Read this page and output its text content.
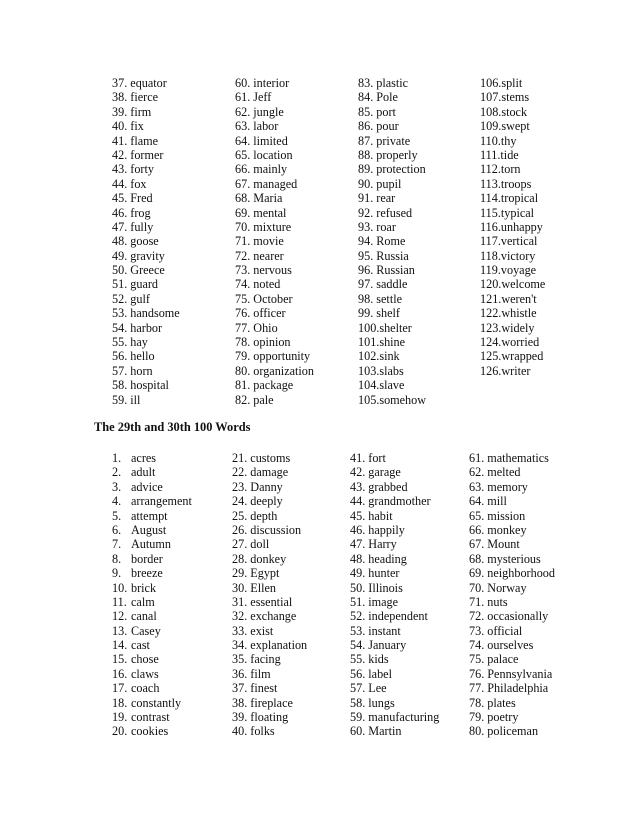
37. equator
38. fierce
39. firm
40. fix
41. flame
42. former
43. forty
44. fox
45. Fred
46. frog
47. fully
48. goose
49. gravity
50. Greece
51. guard
52. gulf
53. handsome
54. harbor
55. hay
56. hello
57. horn
58. hospital
59. ill
60. interior
61. Jeff
62. jungle
63. labor
64. limited
65. location
66. mainly
67. managed
68. Maria
69. mental
70. mixture
71. movie
72. nearer
73. nervous
74. noted
75. October
76. officer
77. Ohio
78. opinion
79. opportunity
80. organization
81. package
82. pale
83. plastic
84. Pole
85. port
86. pour
87. private
88. properly
89. protection
90. pupil
91. rear
92. refused
93. roar
94. Rome
95. Russia
96. Russian
97. saddle
98. settle
99. shelf
100.shelter
101.shine
102.sink
103.slabs
104.slave
105.somehow
106.split
107.stems
108.stock
109.swept
110.thy
111.tide
112.torn
113.troops
114.tropical
115.typical
116.unhappy
117.vertical
118.victory
119.voyage
120.welcome
121.weren't
122.whistle
123.widely
124.worried
125.wrapped
126.writer
The 29th and 30th 100 Words
1. acres
2. adult
3. advice
4. arrangement
5. attempt
6. August
7. Autumn
8. border
9. breeze
10. brick
11. calm
12. canal
13. Casey
14. cast
15. chose
16. claws
17. coach
18. constantly
19. contrast
20. cookies
21. customs
22. damage
23. Danny
24. deeply
25. depth
26. discussion
27. doll
28. donkey
29. Egypt
30. Ellen
31. essential
32. exchange
33. exist
34. explanation
35. facing
36. film
37. finest
38. fireplace
39. floating
40. folks
41. fort
42. garage
43. grabbed
44. grandmother
45. habit
46. happily
47. Harry
48. heading
49. hunter
50. Illinois
51. image
52. independent
53. instant
54. January
55. kids
56. label
57. Lee
58. lungs
59. manufacturing
60. Martin
61. mathematics
62. melted
63. memory
64. mill
65. mission
66. monkey
67. Mount
68. mysterious
69. neighborhood
70. Norway
71. nuts
72. occasionally
73. official
74. ourselves
75. palace
76. Pennsylvania
77. Philadelphia
78. plates
79. poetry
80. policeman
